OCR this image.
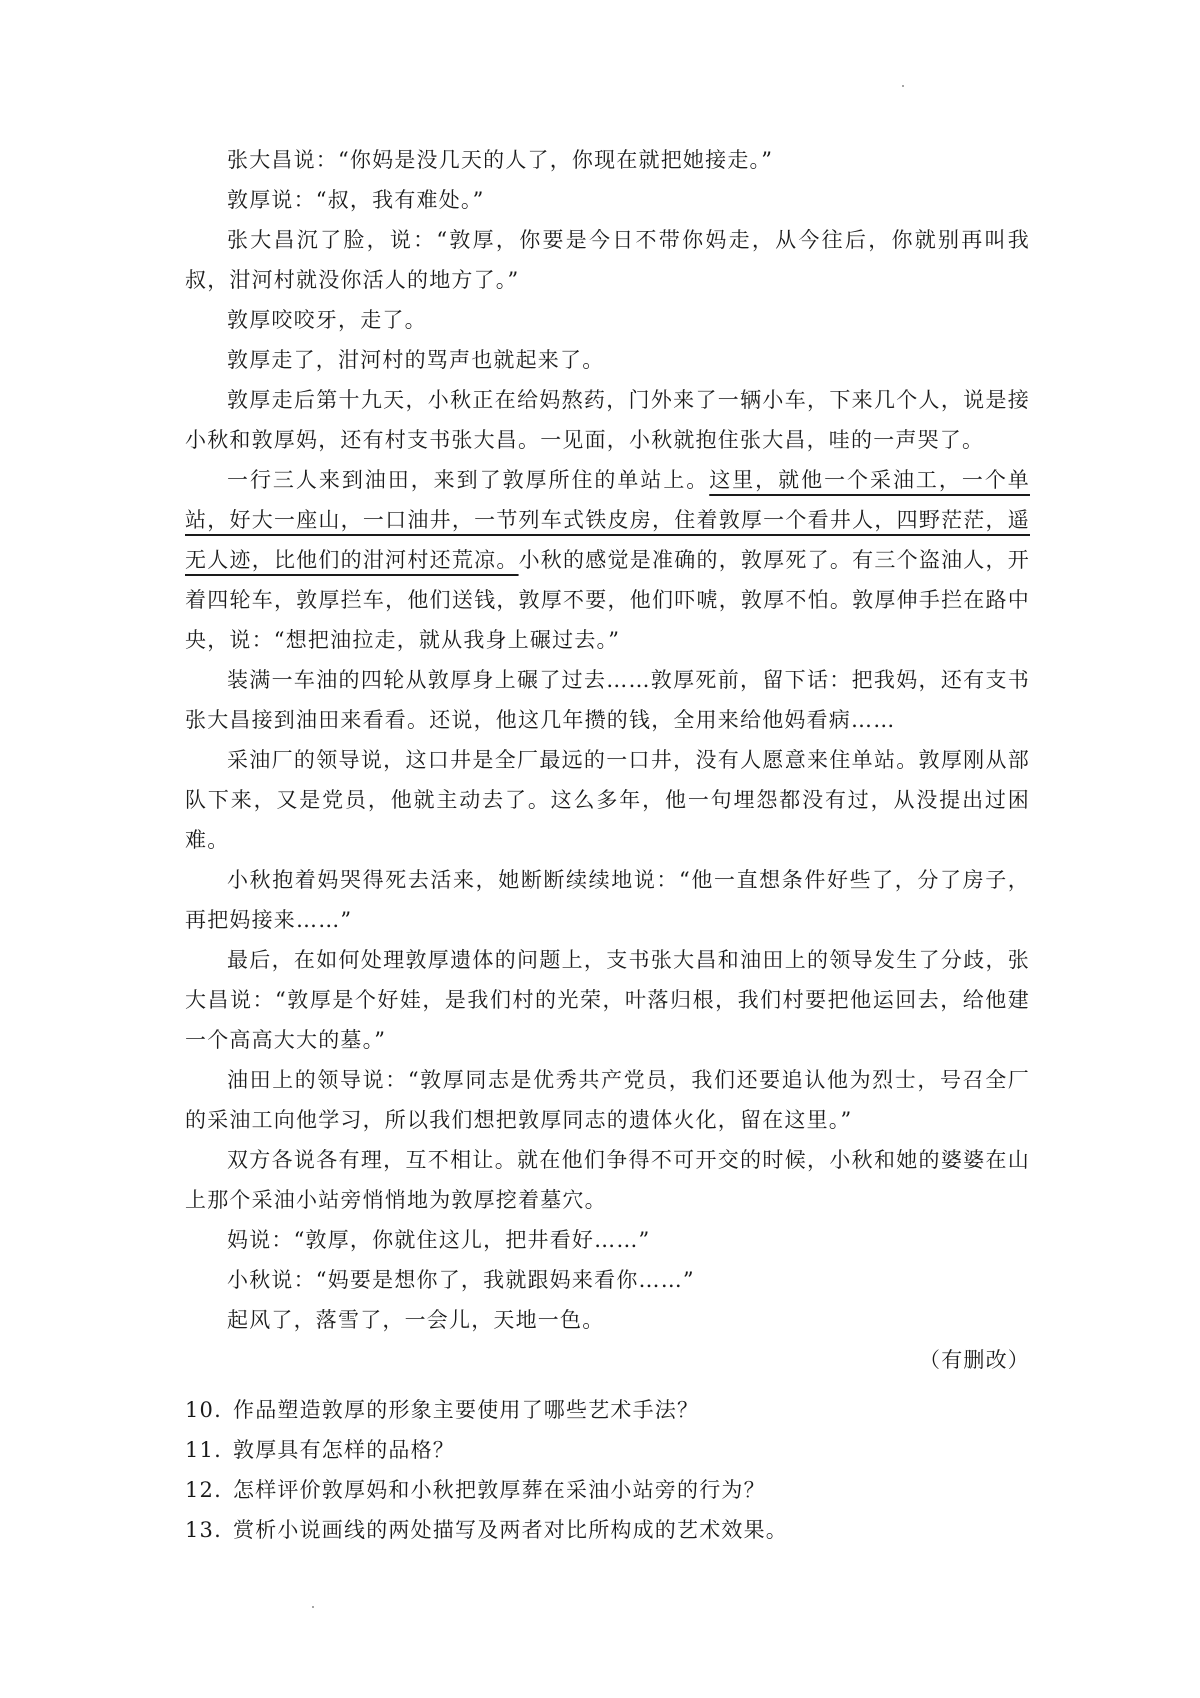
张大昌说：“你妈是没几天的人了，你现在就把她接走。”

敦厚说：“叔，我有难处。”

张大昌沉了脸，说：“敦厚，你要是今日不带你妈走，从今往后，你就别再叫我叔，泔河村就没你活人的地方了。”

敦厚咬咬牙，走了。

敦厚走了，泔河村的骂声也就起来了。

敦厚走后第十九天，小秋正在给妈熬药，门外来了一辆小车，下来几个人，说是接小秋和敦厚妈，还有村支书张大昌。一见面，小秋就抱住张大昌，哇的一声哭了。

一行三人来到油田，来到了敦厚所住的单站上。这里，就他一个采油工，一个单站，好大一座山，一口油井，一节列车式铁皮房，住着敦厚一个看井人，四野茫茫，遥无人迹，比他们的泔河村还荒凉。小秋的感觉是准确的，敦厚死了。有三个盗油人，开着四轮车，敦厚拦车，他们送钱，敦厚不要，他们吓唬，敦厚不怕。敦厚伸手拦在路中央，说：“想把油拉走，就从我身上碾过去。”

装满一车油的四轮从敦厚身上碾了过去……敦厚死前，留下话：把我妈，还有支书张大昌接到油田来看看。还说，他这几年攒的钱，全用来给他妈看病……

采油厂的领导说，这口井是全厂最远的一口井，没有人愿意来住单站。敦厚刚从部队下来，又是党员，他就主动去了。这么多年，他一句埋怨都没有过，从没提出过困难。

小秋抱着妈哭得死去活来，她断断续续地说：“他一直想条件好些了，分了房子，再把妈接来……”

最后，在如何处理敦厚遗体的问题上，支书张大昌和油田上的领导发生了分歧，张大昌说：“敦厚是个好娃，是我们村的光荣，叶落归根，我们村要把他运回去，给他建一个高高大大的墓。”

油田上的领导说：“敦厚同志是优秀共产党员，我们还要追认他为烈士，号召全厂的采油工向他学习，所以我们想把敦厚同志的遗体火化，留在这里。”

双方各说各有理，互不相让。就在他们争得不可开交的时候，小秋和她的婆婆在山上那个采油小站旁悄悄地为敦厚挖着墓穴。

妈说：“敦厚，你就住这儿，把井看好……”

小秋说：“妈要是想你了，我就跟妈来看你……”

起风了，落雪了，一会儿，天地一色。

（有删改）

10. 作品塑造敦厚的形象主要使用了哪些艺术手法？

11. 敦厚具有怎样的品格？

12. 怎样评价敦厚妈和小秋把敦厚葬在采油小站旁的行为？

13. 赏析小说画线的两处描写及两者对比所构成的艺术效果。
